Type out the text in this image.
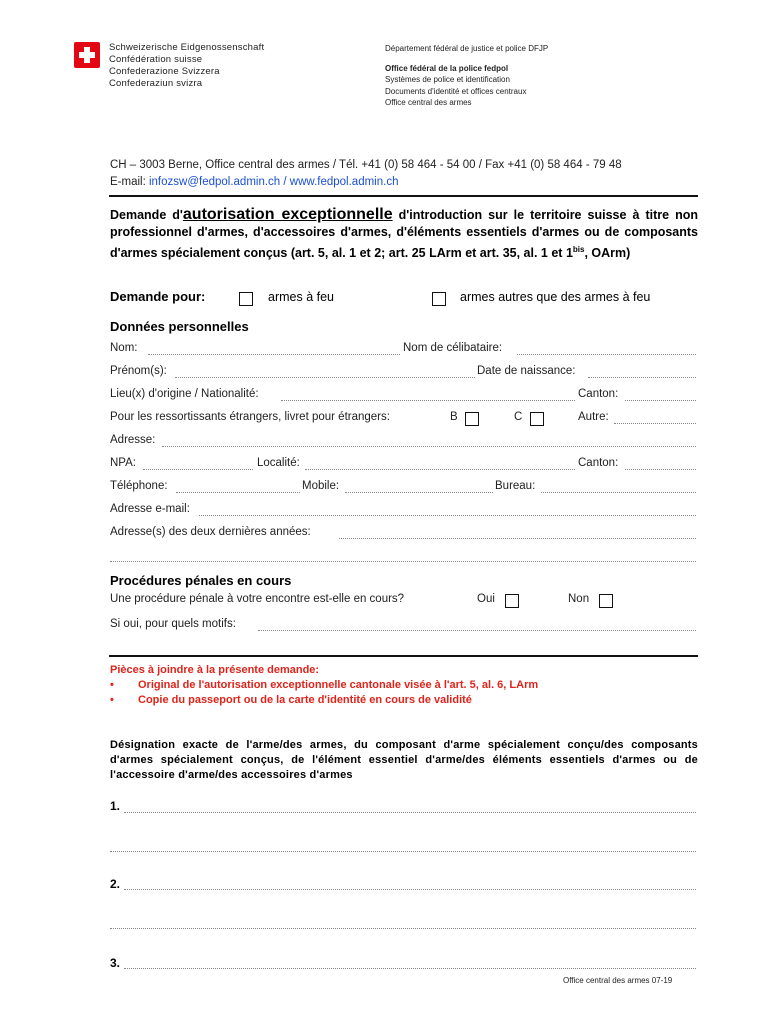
Schweizerische Eidgenossenschaft
Confédération suisse
Confederazione Svizzera
Confederaziun svizra
Département fédéral de justice et police DFJP
Office fédéral de la police fedpol
Systèmes de police et identification
Documents d'identité et offices centraux
Office central des armes
CH – 3003 Berne, Office central des armes / Tél. +41 (0) 58 464 - 54 00 / Fax +41 (0) 58 464 - 79 48
E-mail: infozsw@fedpol.admin.ch / www.fedpol.admin.ch
Demande d'autorisation exceptionnelle d'introduction sur le territoire suisse à titre non professionnel d'armes, d'accessoires d'armes, d'éléments essentiels d'armes ou de composants d'armes spécialement conçus (art. 5, al. 1 et 2; art. 25 LArm et art. 35, al. 1 et $1^{bis}$, OArm)
Demande pour:	armes à feu	armes autres que des armes à feu
Données personnelles
Nom:	Nom de célibataire:
Prénom(s):	Date de naissance:
Lieu(x) d'origine / Nationalité:	Canton:
Pour les ressortissants étrangers, livret pour étrangers:	B	C	Autre:
Adresse:
NPA:	Localité:	Canton:
Téléphone:	Mobile:	Bureau:
Adresse e-mail:
Adresse(s) des deux dernières années:
Procédures pénales en cours
Une procédure pénale à votre encontre est-elle en cours?	Oui	Non
Si oui, pour quels motifs:
Pièces à joindre à la présente demande:
• Original de l'autorisation exceptionnelle cantonale visée à l'art. 5, al. 6, LArm
• Copie du passeport ou de la carte d'identité en cours de validité
Désignation exacte de l'arme/des armes, du composant d'arme spécialement conçu/des composants d'armes spécialement conçus, de l'élément essentiel d'arme/des éléments essentiels d'armes ou de l'accessoire d'arme/des accessoires d'armes
1.
2.
3.
Office central des armes 07-19
